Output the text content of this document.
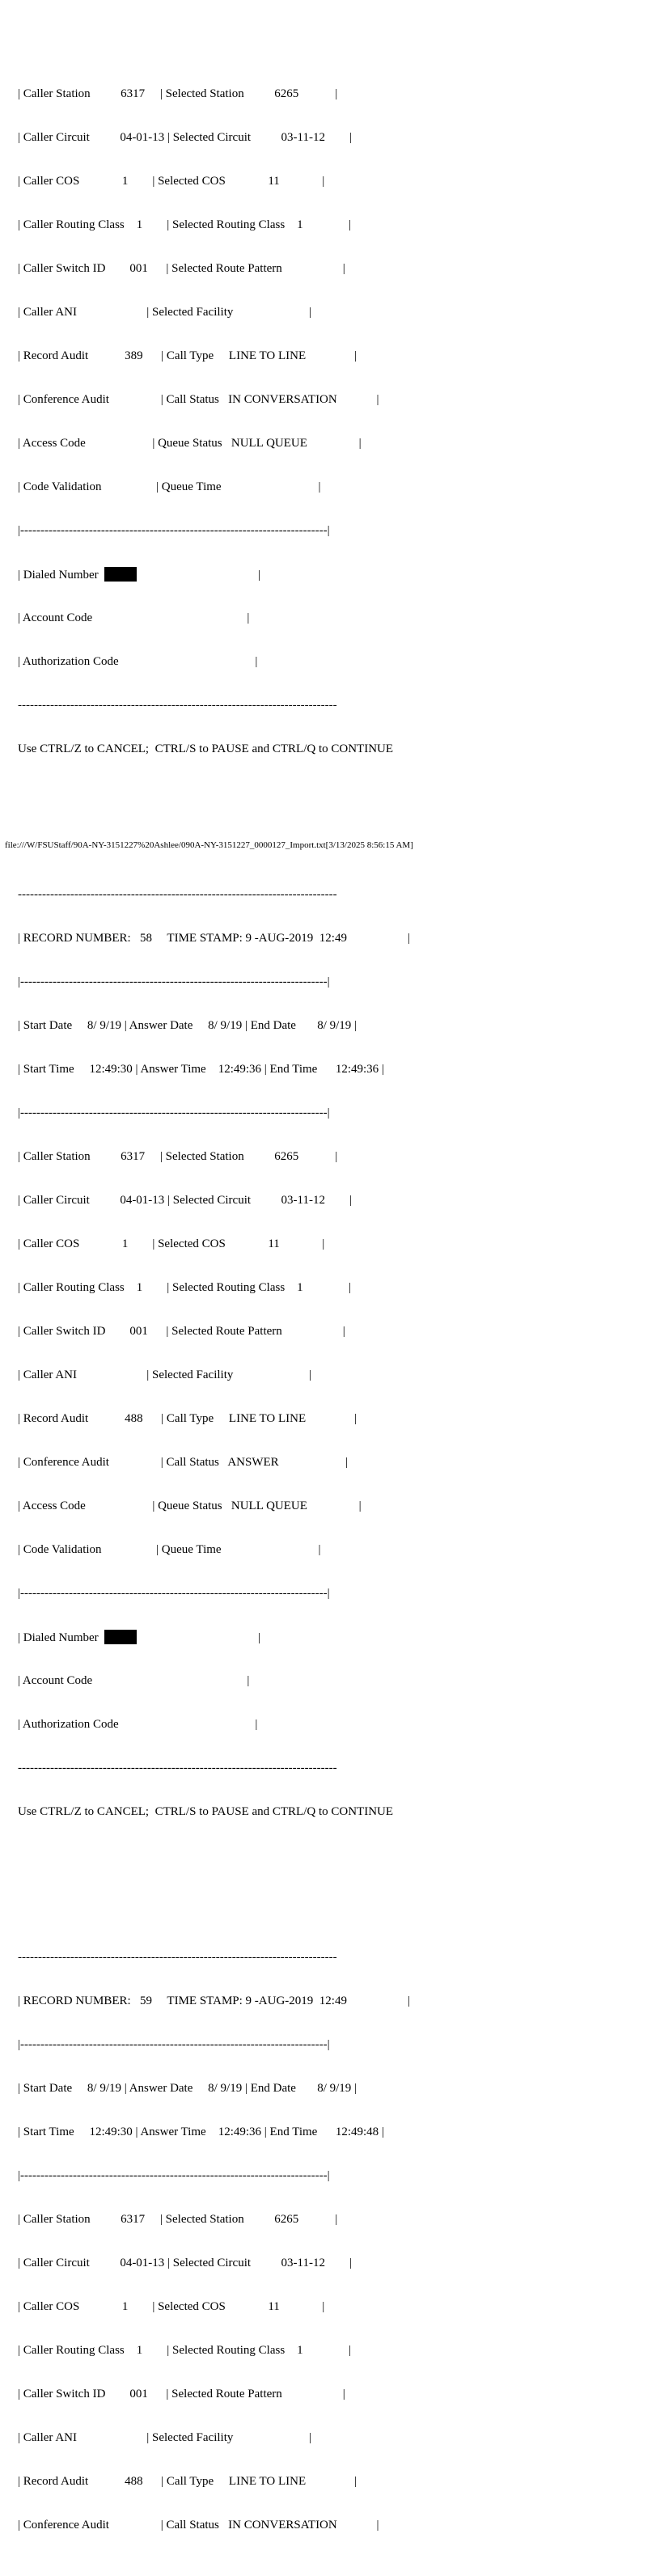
| Caller Station          6317     | Selected Station          6265            |

| Caller Circuit          04-01-13 | Selected Circuit          03-11-12        |

| Caller COS              1        | Selected COS              11              |

| Caller Routing Class    1        | Selected Routing Class    1               |

| Caller Switch ID        001      | Selected Route Pattern                    |

| Caller ANI                       | Selected Facility                         |

| Record Audit            389      | Call Type     LINE TO LINE                |

| Conference Audit                 | Call Status   IN CONVERSATION             |

| Access Code                      | Queue Status   NULL QUEUE                 |

| Code Validation                  | Queue Time                                |

|----------------------------------------------------------------------------|

| Dialed Number	|

| Account Code                                                   |

| Authorization Code                                             |

-------------------------------------------------------------------------------

Use CTRL/Z to CANCEL;  CTRL/S to PAUSE and CTRL/Q to CONTINUE

-------------------------------------------------------------------------------

| RECORD NUMBER:   58     TIME STAMP: 9 -AUG-2019  12:49                    |

|----------------------------------------------------------------------------|

| Start Date     8/ 9/19 | Answer Date     8/ 9/19 | End Date       8/ 9/19 |

| Start Time     12:49:30 | Answer Time    12:49:36 | End Time      12:49:36 |

|----------------------------------------------------------------------------|

| Caller Station          6317     | Selected Station          6265            |

| Caller Circuit          04-01-13 | Selected Circuit          03-11-12        |

| Caller COS              1        | Selected COS              11              |

| Caller Routing Class    1        | Selected Routing Class    1               |

| Caller Switch ID        001      | Selected Route Pattern                    |

| Caller ANI                       | Selected Facility                         |

| Record Audit            488      | Call Type     LINE TO LINE                |

| Conference Audit                 | Call Status   ANSWER                      |

| Access Code                      | Queue Status   NULL QUEUE                 |

| Code Validation                  | Queue Time                                |

|----------------------------------------------------------------------------|

| Dialed Number	|

| Account Code                                                   |

| Authorization Code                                             |

-------------------------------------------------------------------------------

Use CTRL/Z to CANCEL;  CTRL/S to PAUSE and CTRL/Q to CONTINUE

-------------------------------------------------------------------------------

| RECORD NUMBER:   59     TIME STAMP: 9 -AUG-2019  12:49                    |

|----------------------------------------------------------------------------|

| Start Date     8/ 9/19 | Answer Date     8/ 9/19 | End Date       8/ 9/19 |

| Start Time     12:49:30 | Answer Time    12:49:36 | End Time      12:49:48 |

|----------------------------------------------------------------------------|

| Caller Station          6317     | Selected Station          6265            |

| Caller Circuit          04-01-13 | Selected Circuit          03-11-12        |

| Caller COS              1        | Selected COS              11              |

| Caller Routing Class    1        | Selected Routing Class    1               |

| Caller Switch ID        001      | Selected Route Pattern                    |

| Caller ANI                       | Selected Facility                         |

| Record Audit            488      | Call Type     LINE TO LINE                |

| Conference Audit                 | Call Status   IN CONVERSATION             |

file:///W/FSUStaff/90A-NY-3151227%20Ashlee/090A-NY-3151227_0000127_Import.txt[3/13/2025 8:56:15 AM]
